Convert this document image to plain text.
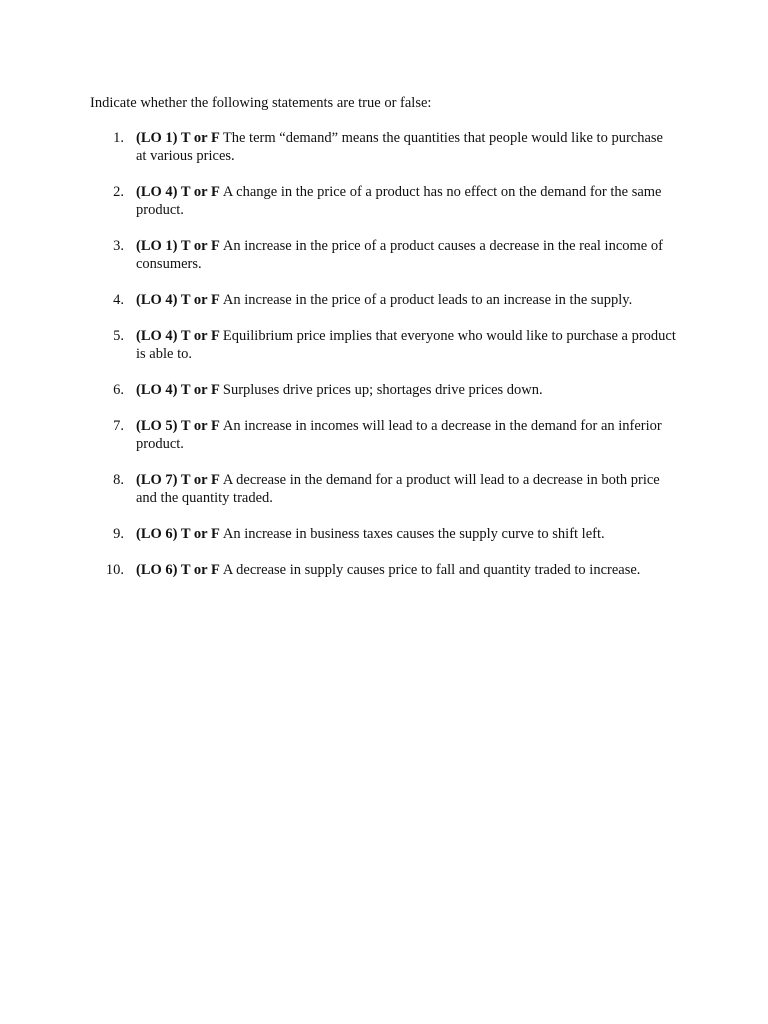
Indicate whether the following statements are true or false:

1. (LO 1) T or F The term “demand” means the quantities that people would like to purchase at various prices.
2. (LO 4) T or F A change in the price of a product has no effect on the demand for the same product.
3. (LO 1) T or F An increase in the price of a product causes a decrease in the real income of consumers.
4. (LO 4) T or F An increase in the price of a product leads to an increase in the supply.
5. (LO 4) T or F Equilibrium price implies that everyone who would like to purchase a product is able to.
6. (LO 4) T or F Surpluses drive prices up; shortages drive prices down.
7. (LO 5) T or F An increase in incomes will lead to a decrease in the demand for an inferior product.
8. (LO 7) T or F A decrease in the demand for a product will lead to a decrease in both price and the quantity traded.
9. (LO 6) T or F An increase in business taxes causes the supply curve to shift left.
10. (LO 6) T or F A decrease in supply causes price to fall and quantity traded to increase.
